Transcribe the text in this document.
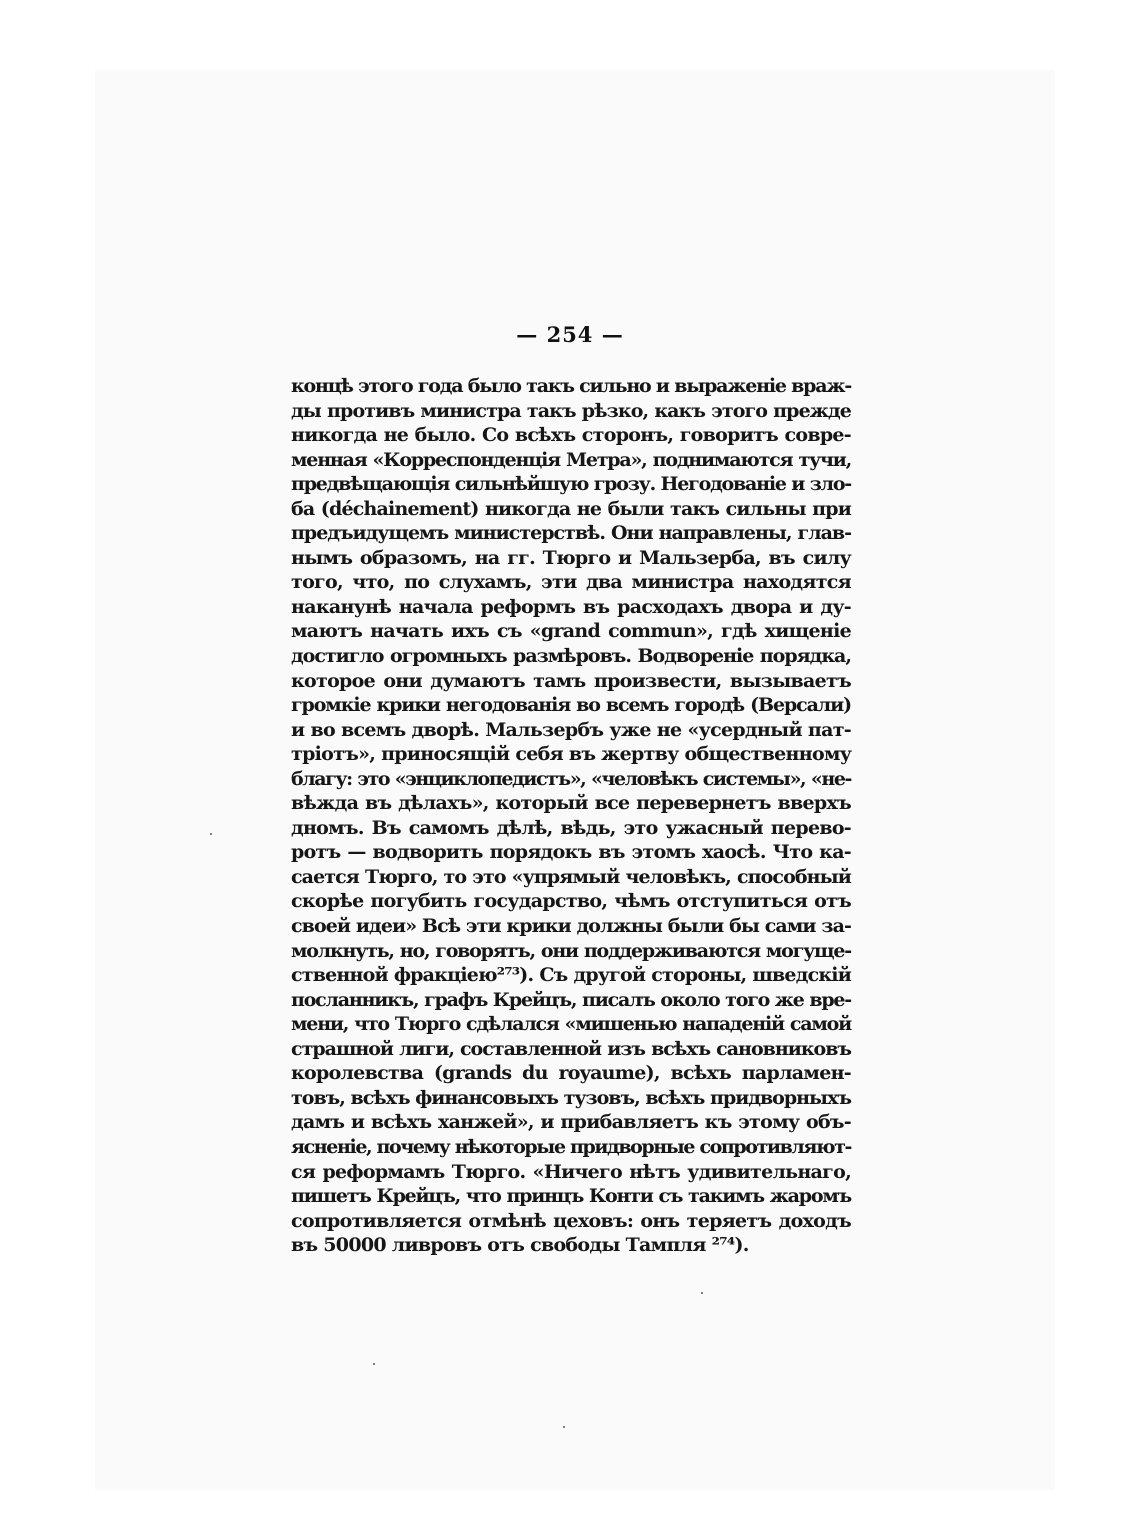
— 254 —
концѣ этого года было такъ сильно и выраженіе враж-
ды противъ министра такъ рѣзко, какъ этого прежде
никогда не было. Со всѣхъ сторонъ, говоритъ совре-
менная «Корреспонденція Метра», поднимаются тучи,
предвѣщающія сильнѣйшую грозу. Негодованіе и зло-
ба (déchainement) никогда не были такъ сильны при
предъидущемъ министерствѣ. Они направлены, глав-
нымъ образомъ, на гг. Тюрго и Мальзерба, въ силу
того, что, по слухамъ, эти два министра находятся
наканунѣ начала реформъ въ расходахъ двора и ду-
маютъ начать ихъ съ «grand commun», гдѣ хищеніе
достигло огромныхъ размѣровъ. Водвореніе порядка,
которое они думаютъ тамъ произвести, вызываетъ
громкіе крики негодованія во всемъ городѣ (Версали)
и во всемъ дворѣ. Мальзербъ уже не «усердный пат-
тріотъ», приносящій себя въ жертву общественному
благу: это «энциклопедистъ», «человѣкъ системы», «не-
вѣжда въ дѣлахъ», который все перевернетъ вверхъ
дномъ. Въ самомъ дѣлѣ, вѣдь, это ужасный перево-
ротъ — водворить порядокъ въ этомъ хаосѣ. Что ка-
сается Тюрго, то это «упрямый человѣкъ, способный
скорѣе погубить государство, чѣмъ отступиться отъ
своей идеи» Всѣ эти крики должны были бы сами за-
молкнуть, но, говорятъ, они поддерживаются могуще-
ственной фракціею²⁷³). Съ другой стороны, шведскій
посланникъ, графъ Крейцъ, писалъ около того же вре-
мени, что Тюрго сдѣлался «мишенью нападеній самой
страшной лиги, составленной изъ всѣхъ сановниковъ
королевства (grands du royaume), всѣхъ парламен-
товъ, всѣхъ финансовыхъ тузовъ, всѣхъ придворныхъ
дамъ и всѣхъ ханжей», и прибавляетъ къ этому объ-
ясненіе, почему нѣкоторые придворные сопротивляют-
ся реформамъ Тюрго. «Ничего нѣтъ удивительнаго,
пишетъ Крейцъ, что принцъ Конти съ такимъ жаромъ
сопротивляется отмѣнѣ цеховъ: онъ теряетъ доходъ
въ 50000 ливровъ отъ свободы Тампля ²⁷⁴).
